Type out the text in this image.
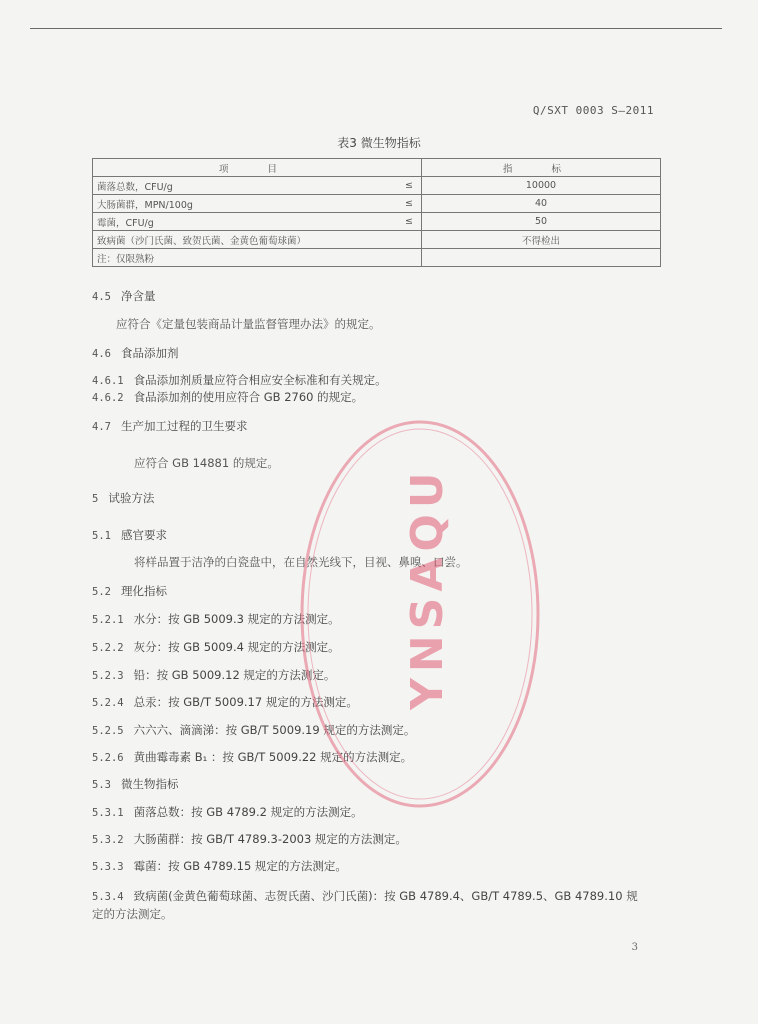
Q/SXT 0003 S—2011
表3 微生物指标
项 目		指 标
菌落总数，CFU/g	≤	10000
大肠菌群，MPN/100g	≤	40
霉菌，CFU/g	≤	50
致病菌（沙门氏菌、致贺氏菌、金黄色葡萄球菌）		不得检出
注：仅限熟粉		
4.5 净含量
应符合《定量包装商品计量监督管理办法》的规定。
4.6 食品添加剂
4.6.1 食品添加剂质量应符合相应安全标准和有关规定。
4.6.2 食品添加剂的使用应符合 GB 2760 的规定。
4.7 生产加工过程的卫生要求
应符合 GB 14881 的规定。
5 试验方法
5.1 感官要求
将样品置于洁净的白瓷盘中，在自然光线下，目视、鼻嗅、口尝。
5.2 理化指标
5.2.1 水分：按 GB 5009.3 规定的方法测定。
5.2.2 灰分：按 GB 5009.4 规定的方法测定。
5.2.3 铅：按 GB 5009.12 规定的方法测定。
5.2.4 总汞：按 GB/T 5009.17 规定的方法测定。
5.2.5 六六六、滴滴涕：按 GB/T 5009.19 规定的方法测定。
5.2.6 黄曲霉毒素 B₁ ：按 GB/T 5009.22 规定的方法测定。
5.3 微生物指标
5.3.1 菌落总数：按 GB 4789.2 规定的方法测定。
5.3.2 大肠菌群：按 GB/T 4789.3-2003 规定的方法测定。
5.3.3 霉菌：按 GB 4789.15 规定的方法测定。
5.3.4 致病菌(金黄色葡萄球菌、志贺氏菌、沙门氏菌)：按 GB 4789.4、GB/T 4789.5、GB 4789.10 规
定的方法测定。
3
YNSAQU
